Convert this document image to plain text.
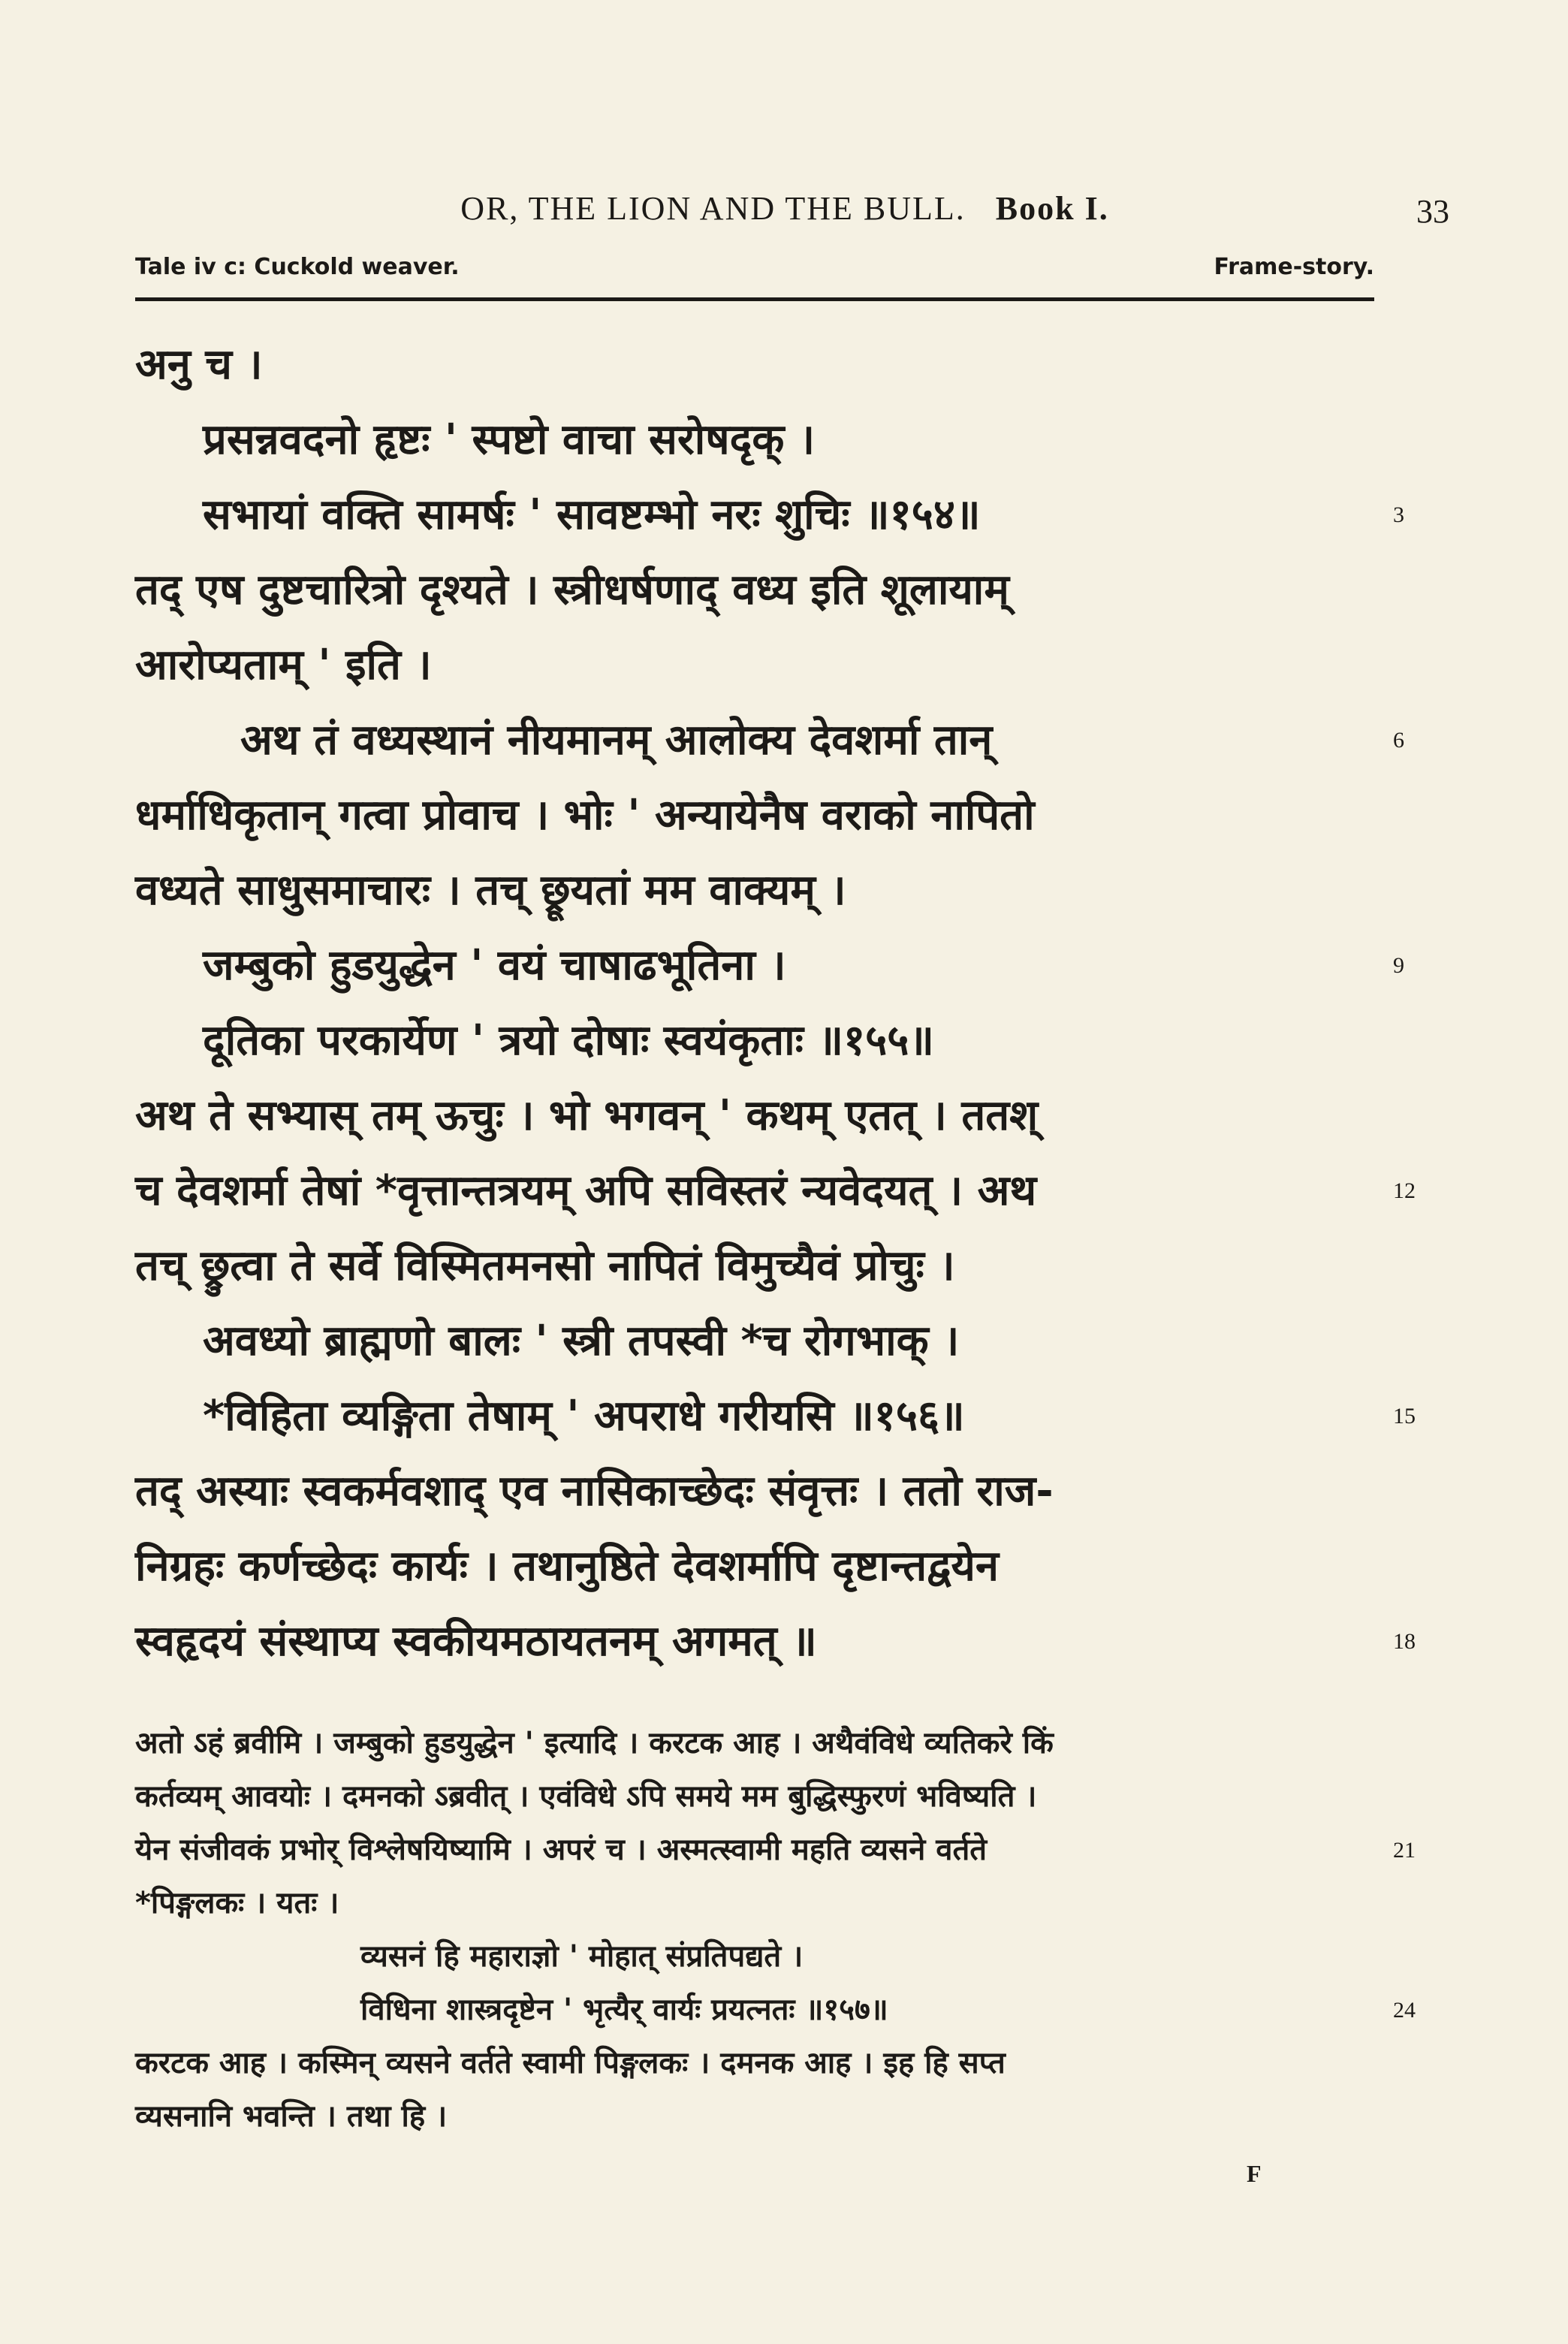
OR, THE LION AND THE BULL. Book I.	33
Tale iv c: Cuckold weaver.	Frame-story.
अनु च ।
प्रसन्नवदनो हृष्टः ' स्पष्टो वाचा सरोषदृक् ।
सभायां वक्ति सामर्षः ' सावष्टम्भो नरः शुचिः ॥१५४॥	3
तद् एष दुष्टचारित्रो दृश्यते । स्त्रीधर्षणाद् वध्य इति शूलायाम्
आरोप्यताम् ' इति ।
अथ तं वध्यस्थानं नीयमानम् आलोक्य देवशर्मा तान्	6
धर्माधिकृतान् गत्वा प्रोवाच । भोः ' अन्यायेनैष वराको नापितो
वध्यते साधुसमाचारः । तच् छ्रूयतां मम वाक्यम् ।
जम्बुको हुडयुद्धेन ' वयं चाषाढभूतिना ।	9
दूतिका परकार्येण ' त्रयो दोषाः स्वयंकृताः ॥१५५॥
अथ ते सभ्यास् तम् ऊचुः । भो भगवन् ' कथम् एतत् । ततश्
च देवशर्मा तेषां *वृत्तान्तत्रयम् अपि सविस्तरं न्यवेदयत् । अथ	12
तच् छ्रुत्वा ते सर्वे विस्मितमनसो नापितं विमुच्यैवं प्रोचुः ।
अवध्यो ब्राह्मणो बालः ' स्त्री तपस्वी *च रोगभाक् ।
*विहिता व्यङ्गिता तेषाम् ' अपराधे गरीयसि ॥१५६॥	15
तद् अस्याः स्वकर्मवशाद् एव नासिकाच्छेदः संवृत्तः । ततो राज-
निग्रहः कर्णच्छेदः कार्यः । तथानुष्ठिते देवशर्मापि दृष्टान्तद्वयेन
स्वहृदयं संस्थाप्य स्वकीयमठायतनम् अगमत् ॥	18
अतो ऽहं ब्रवीमि । जम्बुको हुडयुद्धेन ' इत्यादि । करटक आह । अथैवंविधे व्यतिकरे किं
कर्तव्यम् आवयोः । दमनको ऽब्रवीत् । एवंविधे ऽपि समये मम बुद्धिस्फुरणं भविष्यति ।
येन संजीवकं प्रभोर् विश्लेषयिष्यामि । अपरं च । अस्मत्स्वामी महति व्यसने वर्तते	21
*पिङ्गलकः । यतः ।
व्यसनं हि महाराज्ञो ' मोहात् संप्रतिपद्यते ।
विधिना शास्त्रदृष्टेन ' भृत्यैर् वार्यः प्रयत्नतः ॥१५७॥	24
करटक आह । कस्मिन् व्यसने वर्तते स्वामी पिङ्गलकः । दमनक आह । इह हि सप्त
व्यसनानि भवन्ति । तथा हि ।
F
